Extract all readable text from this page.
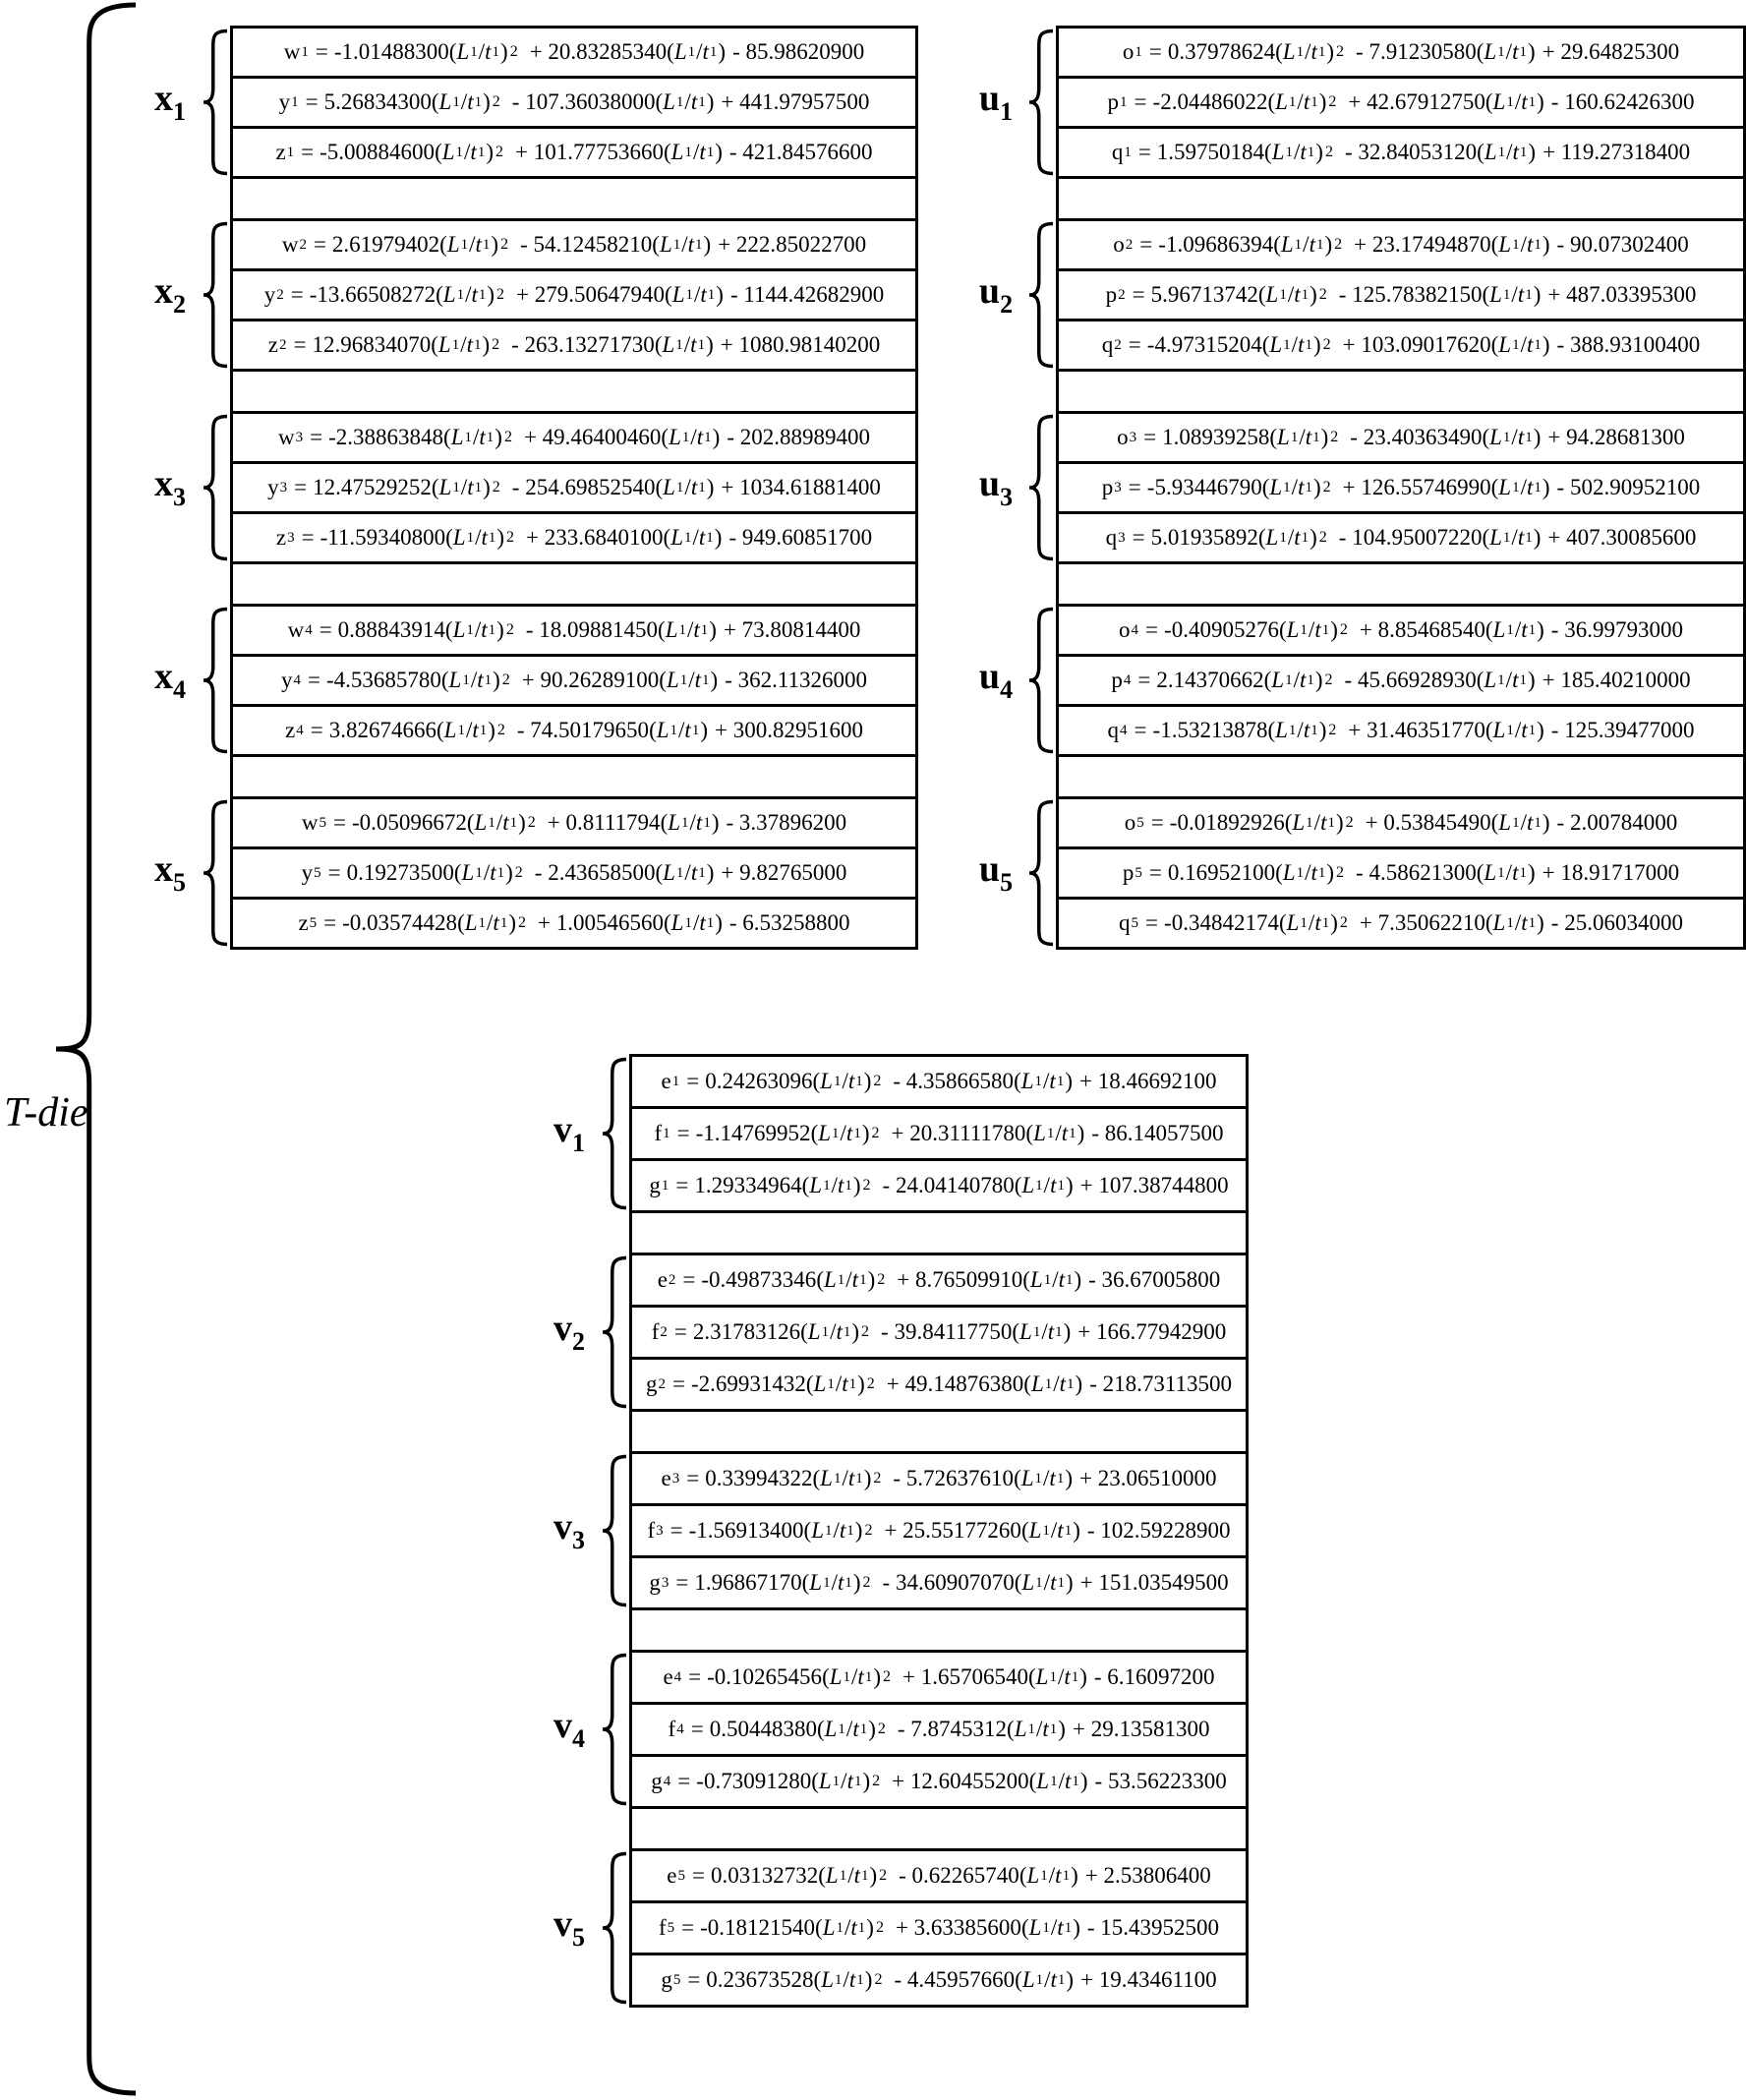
T-die
$x_1$
w 1 = -1.01488300 ( L 1 / t 1 ) 2 + 20.83285340 ( L 1 / t 1 ) - 85.98620900
y 1 = 5.26834300 ( L 1 / t 1 ) 2 - 107.36038000 ( L 1 / t 1 ) + 441.97957500
z 1 = -5.00884600 ( L 1 / t 1 ) 2 + 101.77753660 ( L 1 / t 1 ) - 421.84576600
$x_2$
w 2 = 2.61979402 ( L 1 / t 1 ) 2 - 54.12458210 ( L 1 / t 1 ) + 222.85022700
y 2 = -13.66508272 ( L 1 / t 1 ) 2 + 279.50647940 ( L 1 / t 1 ) - 1144.42682900
z 2 = 12.96834070 ( L 1 / t 1 ) 2 - 263.13271730 ( L 1 / t 1 ) + 1080.98140200
$x_3$
w 3 = -2.38863848 ( L 1 / t 1 ) 2 + 49.46400460 ( L 1 / t 1 ) - 202.88989400
y 3 = 12.47529252 ( L 1 / t 1 ) 2 - 254.69852540 ( L 1 / t 1 ) + 1034.61881400
z 3 = -11.59340800 ( L 1 / t 1 ) 2 + 233.6840100 ( L 1 / t 1 ) - 949.60851700
$x_4$
w 4 = 0.88843914 ( L 1 / t 1 ) 2 - 18.09881450 ( L 1 / t 1 ) + 73.80814400
y 4 = -4.53685780 ( L 1 / t 1 ) 2 + 90.26289100 ( L 1 / t 1 ) - 362.11326000
z 4 = 3.82674666 ( L 1 / t 1 ) 2 - 74.50179650 ( L 1 / t 1 ) + 300.82951600
$x_5$
w 5 = -0.05096672 ( L 1 / t 1 ) 2 + 0.8111794 ( L 1 / t 1 ) - 3.37896200
y 5 = 0.19273500 ( L 1 / t 1 ) 2 - 2.43658500 ( L 1 / t 1 ) + 9.82765000
z 5 = -0.03574428 ( L 1 / t 1 ) 2 + 1.00546560 ( L 1 / t 1 ) - 6.53258800
$u_1$
o 1 = 0.37978624 ( L 1 / t 1 ) 2 - 7.91230580 ( L 1 / t 1 ) + 29.64825300
p 1 = -2.04486022 ( L 1 / t 1 ) 2 + 42.67912750 ( L 1 / t 1 ) - 160.62426300
q 1 = 1.59750184 ( L 1 / t 1 ) 2 - 32.84053120 ( L 1 / t 1 ) + 119.27318400
$u_2$
o 2 = -1.09686394 ( L 1 / t 1 ) 2 + 23.17494870 ( L 1 / t 1 ) - 90.07302400
p 2 = 5.96713742 ( L 1 / t 1 ) 2 - 125.78382150 ( L 1 / t 1 ) + 487.03395300
q 2 = -4.97315204 ( L 1 / t 1 ) 2 + 103.09017620 ( L 1 / t 1 ) - 388.93100400
$u_3$
o 3 = 1.08939258 ( L 1 / t 1 ) 2 - 23.40363490 ( L 1 / t 1 ) + 94.28681300
p 3 = -5.93446790 ( L 1 / t 1 ) 2 + 126.55746990 ( L 1 / t 1 ) - 502.90952100
q 3 = 5.01935892 ( L 1 / t 1 ) 2 - 104.95007220 ( L 1 / t 1 ) + 407.30085600
$u_4$
o 4 = -0.40905276 ( L 1 / t 1 ) 2 + 8.85468540 ( L 1 / t 1 ) - 36.99793000
p 4 = 2.14370662 ( L 1 / t 1 ) 2 - 45.66928930 ( L 1 / t 1 ) + 185.40210000
q 4 = -1.53213878 ( L 1 / t 1 ) 2 + 31.46351770 ( L 1 / t 1 ) - 125.39477000
$u_5$
o 5 = -0.01892926 ( L 1 / t 1 ) 2 + 0.53845490 ( L 1 / t 1 ) - 2.00784000
p 5 = 0.16952100 ( L 1 / t 1 ) 2 - 4.58621300 ( L 1 / t 1 ) + 18.91717000
q 5 = -0.34842174 ( L 1 / t 1 ) 2 + 7.35062210 ( L 1 / t 1 ) - 25.06034000
$v_1$
e 1 = 0.24263096 ( L 1 / t 1 ) 2 - 4.35866580 ( L 1 / t 1 ) + 18.46692100
f 1 = -1.14769952 ( L 1 / t 1 ) 2 + 20.31111780 ( L 1 / t 1 ) - 86.14057500
g 1 = 1.29334964 ( L 1 / t 1 ) 2 - 24.04140780 ( L 1 / t 1 ) + 107.38744800
$v_2$
e 2 = -0.49873346 ( L 1 / t 1 ) 2 + 8.76509910 ( L 1 / t 1 ) - 36.67005800
f 2 = 2.31783126 ( L 1 / t 1 ) 2 - 39.84117750 ( L 1 / t 1 ) + 166.77942900
g 2 = -2.69931432 ( L 1 / t 1 ) 2 + 49.14876380 ( L 1 / t 1 ) - 218.73113500
$v_3$
e 3 = 0.33994322 ( L 1 / t 1 ) 2 - 5.72637610 ( L 1 / t 1 ) + 23.06510000
f 3 = -1.56913400 ( L 1 / t 1 ) 2 + 25.55177260 ( L 1 / t 1 ) - 102.59228900
g 3 = 1.96867170 ( L 1 / t 1 ) 2 - 34.60907070 ( L 1 / t 1 ) + 151.03549500
$v_4$
e 4 = -0.10265456 ( L 1 / t 1 ) 2 + 1.65706540 ( L 1 / t 1 ) - 6.16097200
f 4 = 0.50448380 ( L 1 / t 1 ) 2 - 7.8745312 ( L 1 / t 1 ) + 29.13581300
g 4 = -0.73091280 ( L 1 / t 1 ) 2 + 12.60455200 ( L 1 / t 1 ) - 53.56223300
$v_5$
e 5 = 0.03132732 ( L 1 / t 1 ) 2 - 0.62265740 ( L 1 / t 1 ) + 2.53806400
f 5 = -0.18121540 ( L 1 / t 1 ) 2 + 3.63385600 ( L 1 / t 1 ) - 15.43952500
g 5 = 0.23673528 ( L 1 / t 1 ) 2 - 4.45957660 ( L 1 / t 1 ) + 19.43461100
